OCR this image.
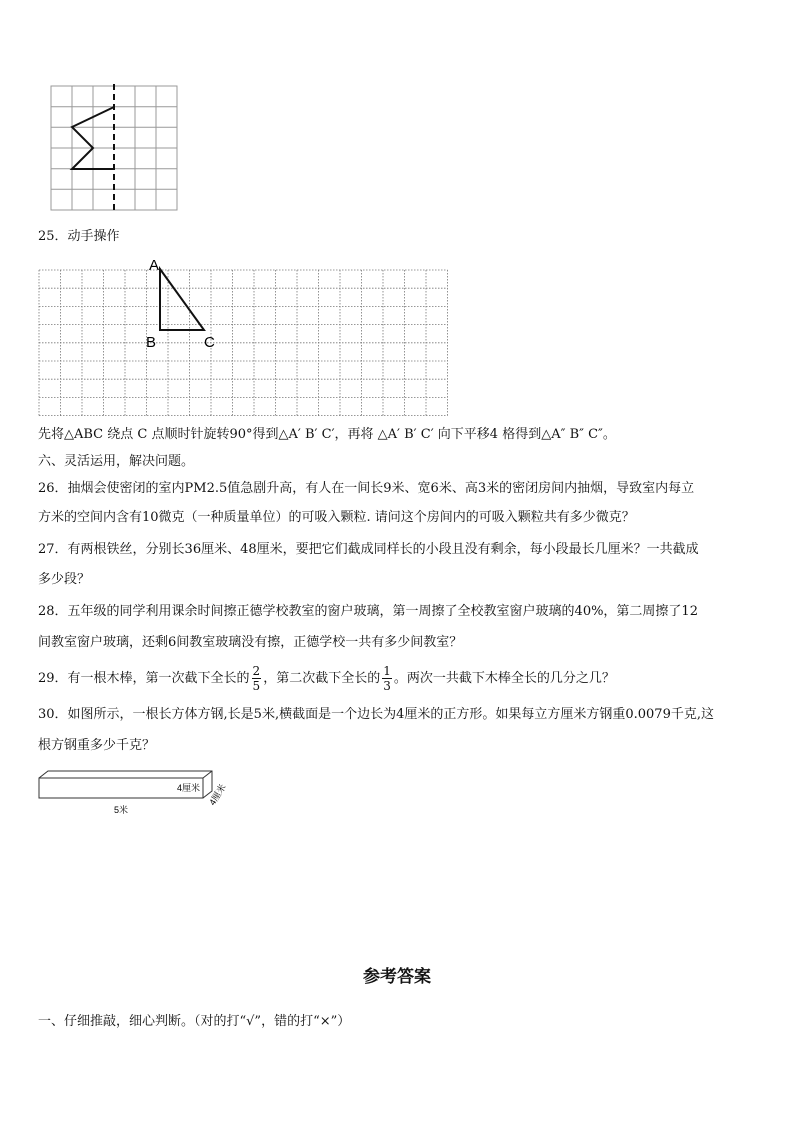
25．动手操作
A
B	C
先将△ABC 绕点 C 点顺时针旋转90°得到△A′ B′ C′，再将 △A′ B′ C′ 向下平移4 格得到△A″ B″ C″。
六、灵活运用，解决问题。
26．抽烟会使密闭的室内PM2.5值急剧升高，有人在一间长9米、宽6米、高3米的密闭房间内抽烟，导致室内每立
方米的空间内含有10微克（一种质量单位）的可吸入颗粒. 请问这个房间内的可吸入颗粒共有多少微克？
27．有两根铁丝，分别长36厘米、48厘米，要把它们截成同样长的小段且没有剩余，每小段最长几厘米？一共截成
多少段？
28．五年级的同学利用课余时间擦正德学校教室的窗户玻璃，第一周擦了全校教室窗户玻璃的40%，第二周擦了12
间教室窗户玻璃，还剩6间教室玻璃没有擦，正德学校一共有多少间教室？
29．有一根木棒，第一次截下全长的 $\frac{2}{5}$ ，第二次截下全长的 $\frac{1}{3}$ 。两次一共截下木棒全长的几分之几？
30．如图所示，一根长方体方钢,长是5米,横截面是一个边长为4厘米的正方形。如果每立方厘米方钢重0.0079千克,这
根方钢重多少千克？
4厘米 4厘米
5米
参考答案
一、仔细推敲，细心判断。（对的打“√”，错的打“×”）
